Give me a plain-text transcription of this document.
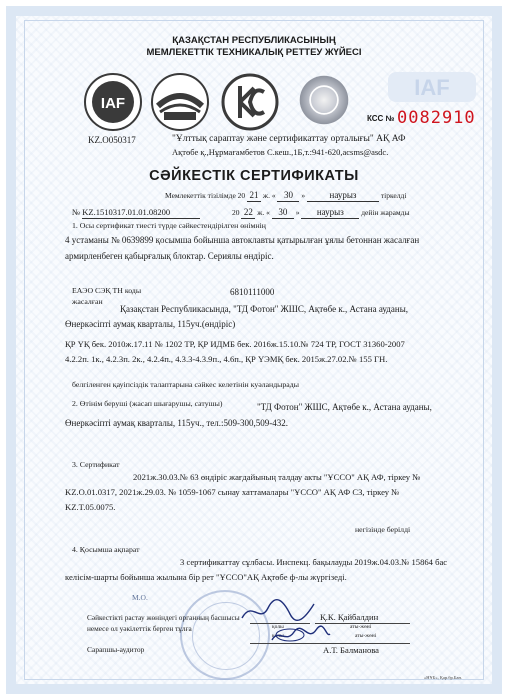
ҚАЗАҚСТАН РЕСПУБЛИКАСЫНЫҢ
МЕМЛЕКЕТТІК ТЕХНИКАЛЫҚ РЕТТЕУ ЖҮЙЕСІ
IAF
IAF
КСС № 0082910
KZ.O050317	"Ұлттық сараптау және сертификаттау орталығы" АҚ АФ
Ақтөбе қ.,Нұрмағамбетов С.кеш.,1Б,т.:941-620,acsms@asdc.
СӘЙКЕСТІК СЕРТИФИКАТЫ
Мемлекеттік тізілімде 20 21 ж. « 30 »	наурыз	тіркелді
№ KZ.1510317.01.01.08200	20 22 ж. « 30 » наурыз дейін жарамды
1. Осы сертификат тиесті түрде сәйкестендірілген өнімнің
4 устаманы № 0639899 қосымша бойынша автоклавты қатырылған ұялы бетоннан жасалған
армирленбеген қабырғалық блоктар. Сериялы өндіріс.
ЕАЭО СЭҚ ТН коды	6810111000
жасалған
Қазақстан Республикасында, "ТД Фотон" ЖШС, Ақтөбе к., Астана ауданы,
Өнеркәсіпті аумақ кварталы, 115уч.(өндіріс)
ҚР ҮҚ бек. 2010ж.17.11 № 1202 ТР, ҚР ИДМБ бек. 2016ж.15.10.№ 724 ТР, ГОСТ 31360-2007
4.2.2п. 1к., 4.2.3п. 2к., 4.2.4п., 4.3.3-4.3.9п., 4.6п., ҚР ҮЭМҚ бек. 2015ж.27.02.№ 155 ГН.
белгіленген қауіпсіздік талаптарына сәйкес келетінін куәландырады
2. Өтінім беруші (жасап шығарушы, сатушы)	"ТД Фотон" ЖШС, Ақтөбе к., Астана ауданы,
Өнеркәсіпті аумақ кварталы, 115уч., тел.:509-300,509-432.
3. Сертификат
2021ж.30.03.№ 63 өндіріс жағдайының талдау акты "ҰССО" АҚ АФ, тіркеу №
KZ.O.01.0317, 2021ж.29.03. № 1059-1067 сынау хаттамалары "ҰССО" АҚ АФ СЗ, тіркеу №
KZ.T.05.0075.
негізінде берілді
4. Қосымша ақпарат
3 сертификаттау сұлбасы. Инспекц. бақылауды 2019ж.04.03.№ 15864 бас
келісім-шарты бойынша жылына бір рет "ҰССО"АҚ Ақтөбе ф-лы жүргізеді.
М.О.
Сәйкестікті растау жөніндегі органның басшысы
немесе ол уәкілеттік берген тұлға
Қ.К. Қайбалдин
аты-жөні
қолы
Сарапшы-аудитор	А.Т. Балманова
қолы	аты-жөні
«НҰБ», Қар.бр.Бан.
